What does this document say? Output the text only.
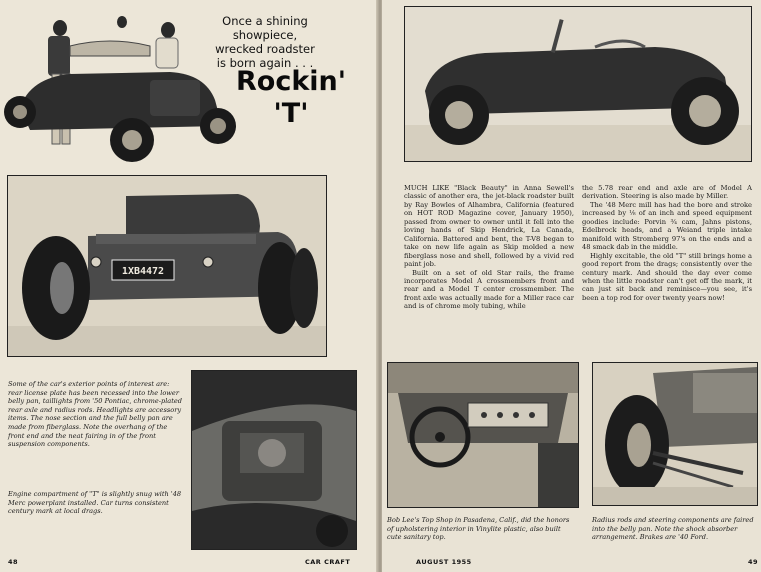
Once a shining showpiece,
wrecked roadster
is born again . . .
Rockin'
'T'
1XB4472

Some of the car's exterior points of interest are: rear license plate has been recessed into the lower belly pan, taillights from '50 Pontiac, chrome-plated rear axle and radius rods. Headlights are accessory items. The nose section and the full belly pan are made from fiberglass. Note the overhang of the front end and the neat fairing in of the front suspension components.

Engine compartment of "T" is slightly snug with '48 Merc powerplant installed. Car turns consistent century mark at local drags.

48	CAR CRAFT

MUCH LIKE "Black Beauty" in Anna Sewell's classic of another era, the jet-black roadster built by Ray Bowles of Alhambra, California (featured on HOT ROD Magazine cover, January 1950), passed from owner to owner until it fell into the loving hands of Skip Hendrick, La Canada, California. Battered and bent, the T-V8 began to take on new life again as Skip molded a new fiberglass nose and shell, followed by a vivid red paint job.

Built on a set of old Star rails, the frame incorporates Model A crossmembers front and rear and a Model T center crossmember. The front axle was actually made for a Miller race car and is of chrome moly tubing, while

the 5.78 rear end and axle are of Model A derivation. Steering is also made by Miller.

The '48 Merc mill has had the bore and stroke increased by ⅛ of an inch and speed equipment goodies include: Porvin ¾ cam, Jahns pistons, Edelbrock heads, and a Weiand triple intake manifold with Stromberg 97's on the ends and a 48 smack dab in the middle.

Highly excitable, the old "T" still brings home a good report from the drags; consistently over the century mark. And should the day ever come when the little roadster can't get off the mark, it can just sit back and reminisce—you see, it's been a top rod for over twenty years now!

Bob Lee's Top Shop in Pasadena, Calif., did the honors of upholstering interior in Vinylite plastic, also built cute sanitary top.

Radius rods and steering components are faired into the belly pan. Note the shock absorber arrangement. Brakes are '40 Ford.

AUGUST 1955	49
